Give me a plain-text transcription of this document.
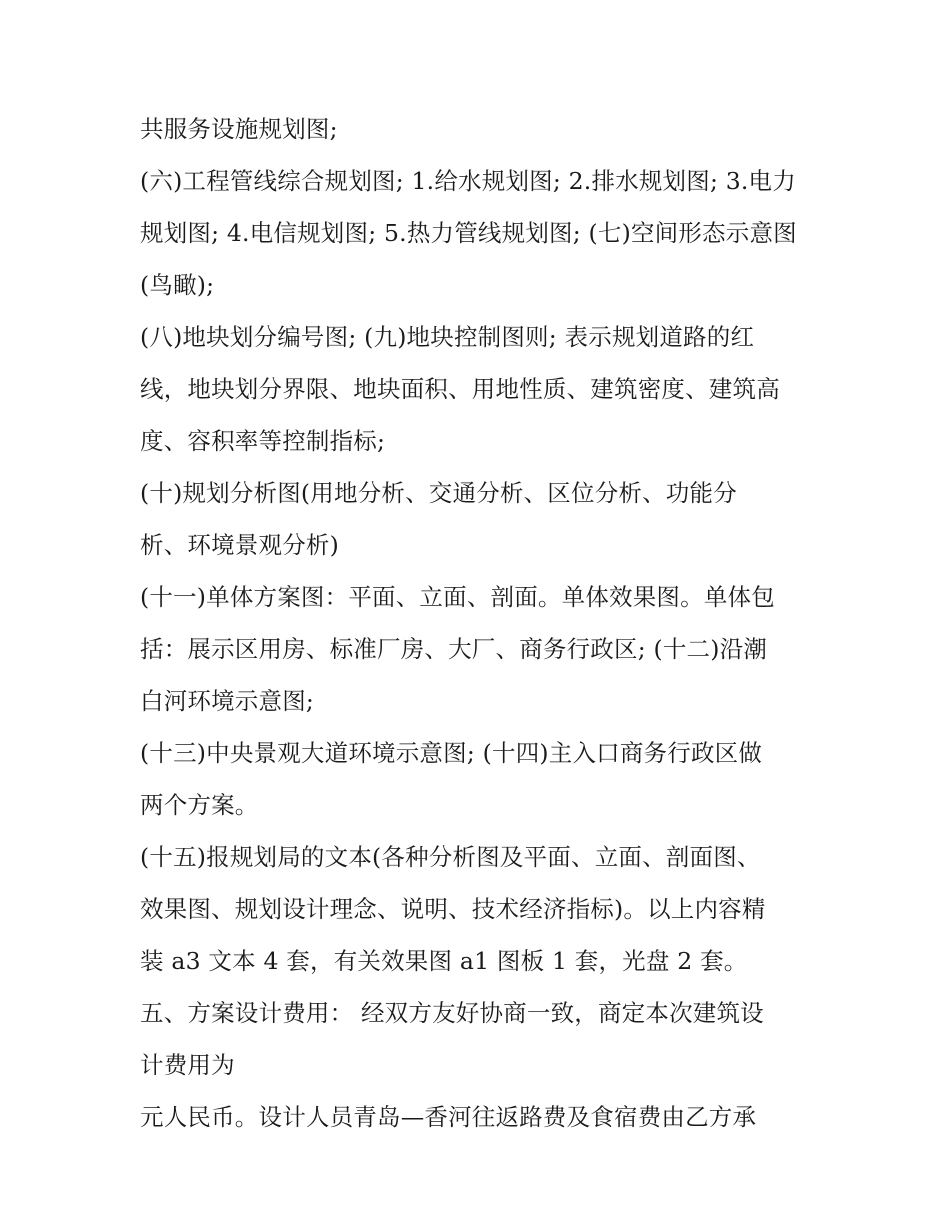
共服务设施规划图;
(六)工程管线综合规划图; 1.给水规划图; 2.排水规划图; 3.电力
规划图; 4.电信规划图; 5.热力管线规划图; (七)空间形态示意图
(鸟瞰);
(八)地块划分编号图; (九)地块控制图则; 表示规划道路的红
线，地块划分界限、地块面积、用地性质、建筑密度、建筑高
度、容积率等控制指标;
(十)规划分析图(用地分析、交通分析、区位分析、功能分
析、环境景观分析)
(十一)单体方案图：平面、立面、剖面。单体效果图。单体包
括：展示区用房、标准厂房、大厂、商务行政区; (十二)沿潮
白河环境示意图;
(十三)中央景观大道环境示意图; (十四)主入口商务行政区做
两个方案。
(十五)报规划局的文本(各种分析图及平面、立面、剖面图、
效果图、规划设计理念、说明、技术经济指标)。以上内容精
装 a3 文本 4 套，有关效果图 a1 图板 1 套，光盘 2 套。
五、方案设计费用： 经双方友好协商一致，商定本次建筑设
计费用为
元人民币。设计人员青岛—香河往返路费及食宿费由乙方承
